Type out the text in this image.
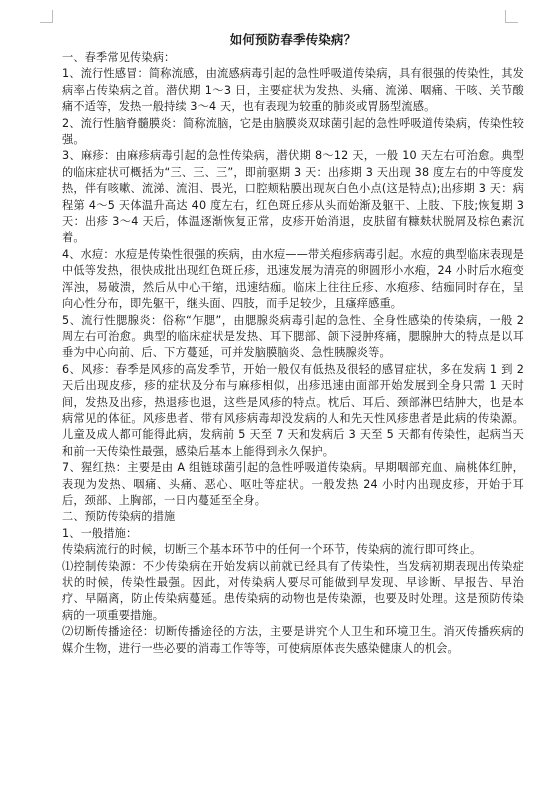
如何预防春季传染病？

一、春季常见传染病：

1、流行性感冒：简称流感，由流感病毒引起的急性呼吸道传染病，具有很强的传染性，其发病率占传染病之首。潜伏期 1～3 日，主要症状为发热、头痛、流涕、咽痛、干咳、关节酸痛不适等，发热一般持续 3～4 天，也有表现为较重的肺炎或胃肠型流感。

2、流行性脑脊髓膜炎：简称流脑，它是由脑膜炎双球菌引起的急性呼吸道传染病，传染性较强。

3、麻疹：由麻疹病毒引起的急性传染病，潜伏期 8～12 天，一般 10 天左右可治愈。典型的临床症状可概括为“三、三、三”，即前驱期 3 天：出疹期 3 天出现 38 度左右的中等度发热，伴有咳嗽、流涕、流泪、畏光，口腔颊粘膜出现灰白色小点(这是特点);出疹期 3 天：病程第 4～5 天体温升高达 40 度左右，红色斑丘疹从头而始渐及躯干、上肢、下肢;恢复期 3 天：出疹 3～4 天后，体温逐渐恢复正常，皮疹开始消退，皮肤留有糠麸状脱屑及棕色素沉着。

4、水痘：水痘是传染性很强的疾病，由水痘——带关疱疹病毒引起。水痘的典型临床表现是中低等发热，很快成批出现红色斑丘疹，迅速发展为清亮的卵圆形小水疱，24 小时后水疱变浑浊，易破溃，然后从中心干缩，迅速结痂。临床上往往丘疹、水疱疹、结痂同时存在，呈向心性分布，即先躯干，继头面、四肢，而手足较少，且瘙痒感重。

5、流行性腮腺炎：俗称“乍腮”，由腮腺炎病毒引起的急性、全身性感染的传染病，一般 2 周左右可治愈。典型的临床症状是发热、耳下腮部、颌下浸肿疼痛，腮腺肿大的特点是以耳垂为中心向前、后、下方蔓延，可并发脑膜脑炎、急性胰腺炎等。

6、风疹：春季是风疹的高发季节，开始一般仅有低热及很轻的感冒症状，多在发病 1 到 2 天后出现皮疹，疹的症状及分布与麻疹相似，出疹迅速由面部开始发展到全身只需 1 天时间，发热及出疹，热退疹也退，这些是风疹的特点。枕后、耳后、颈部淋巴结肿大，也是本病常见的体征。风疹患者、带有风疹病毒却没发病的人和先天性风疹患者是此病的传染源。儿童及成人都可能得此病，发病前 5 天至 7 天和发病后 3 天至 5 天都有传染性，起病当天和前一天传染性最强，感染后基本上能得到永久保护。

7、猩红热：主要是由 A 组链球菌引起的急性呼吸道传染病。早期咽部充血、扁桃体红肿，表现为发热、咽痛、头痛、恶心、呕吐等症状。一般发热 24 小时内出现皮疹，开始于耳后，颈部、上胸部，一日内蔓延至全身。

二、预防传染病的措施

1、一般措施：

传染病流行的时候，切断三个基本环节中的任何一个环节，传染病的流行即可终止。

⑴控制传染源：不少传染病在开始发病以前就已经具有了传染性，当发病初期表现出传染症状的时候，传染性最强。因此，对传染病人要尽可能做到早发现、早诊断、早报告、早治疗、早隔离，防止传染病蔓延。患传染病的动物也是传染源，也要及时处理。这是预防传染病的一项重要措施。

⑵切断传播途径：切断传播途径的方法，主要是讲究个人卫生和环境卫生。消灭传播疾病的媒介生物，进行一些必要的消毒工作等等，可使病原体丧失感染健康人的机会。
